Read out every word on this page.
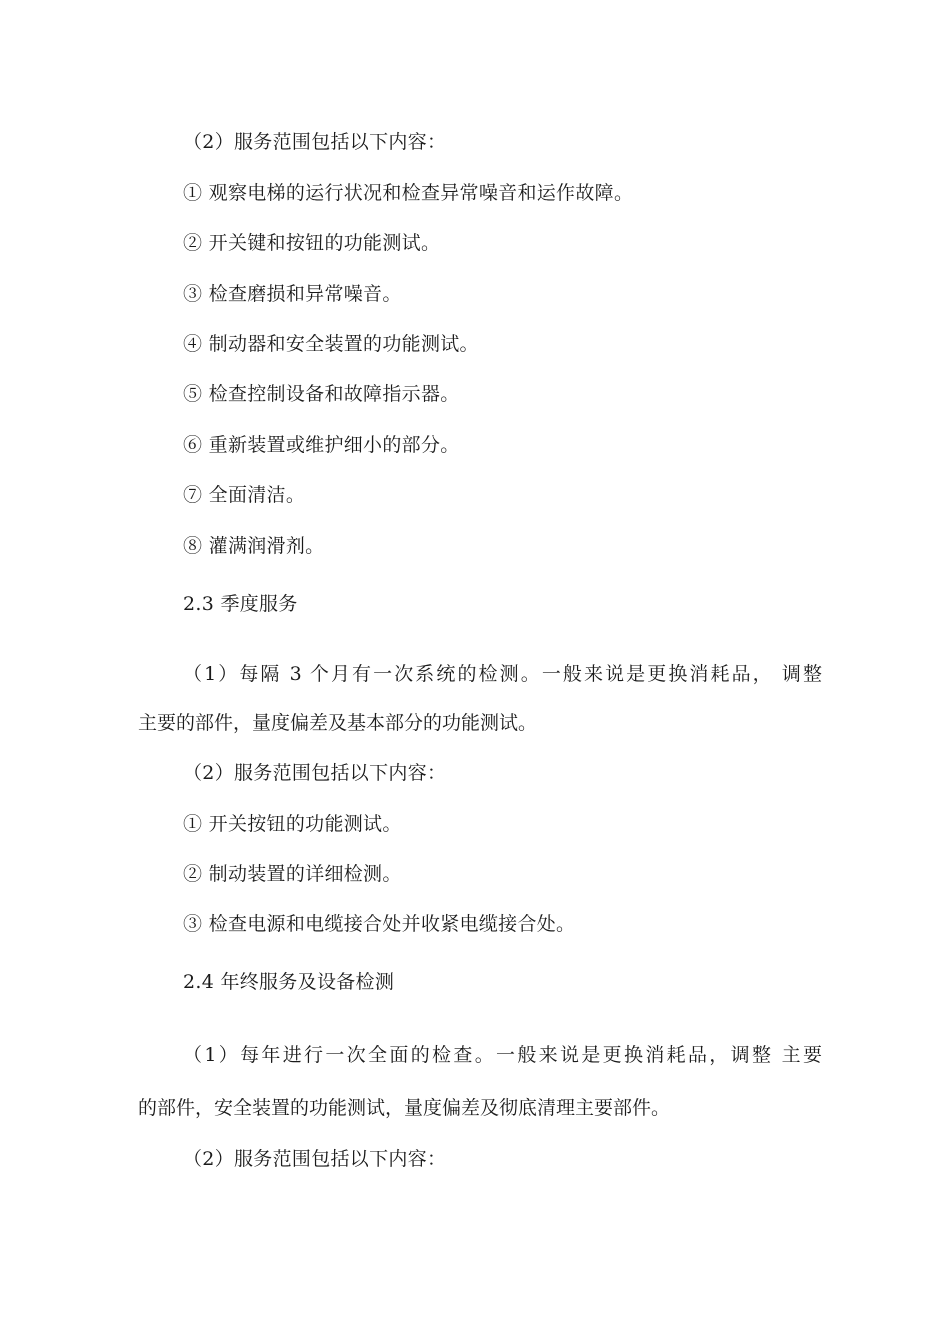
（2）服务范围包括以下内容：
① 观察电梯的运行状况和检查异常噪音和运作故障。
② 开关键和按钮的功能测试。
③ 检查磨损和异常噪音。
④ 制动器和安全装置的功能测试。
⑤ 检查控制设备和故障指示器。
⑥ 重新装置或维护细小的部分。
⑦ 全面清洁。
⑧ 灌满润滑剂。
2.3 季度服务
（1）每隔 3 个月有一次系统的检测。一般来说是更换消耗品， 调整
主要的部件，量度偏差及基本部分的功能测试。
（2）服务范围包括以下内容：
① 开关按钮的功能测试。
② 制动装置的详细检测。
③ 检查电源和电缆接合处并收紧电缆接合处。
2.4 年终服务及设备检测
（1）每年进行一次全面的检查。一般来说是更换消耗品，调整 主要
的部件，安全装置的功能测试，量度偏差及彻底清理主要部件。
（2）服务范围包括以下内容：
